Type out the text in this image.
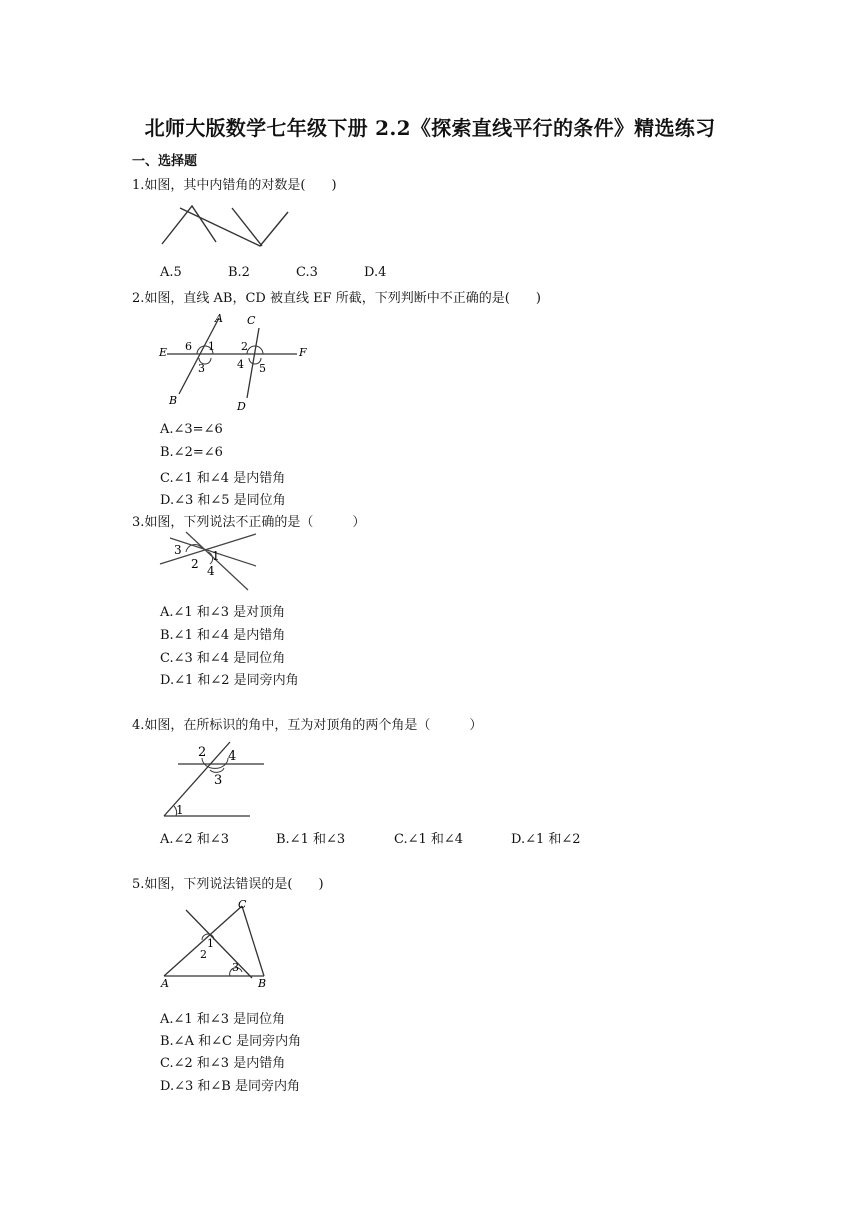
北师大版数学七年级下册 2.2《探索直线平行的条件》精选练习
一、选择题
1.如图，其中内错角的对数是(　　)
A.5	B.2	C.3	D.4
2.如图，直线 AB，CD 被直线 EF 所截，下列判断中不正确的是(　　)
A C
E	F
B	D
6 1 2
3	4 5
A.∠3=∠6
B.∠2=∠6
C.∠1 和∠4 是内错角
D.∠3 和∠5 是同位角
3.如图，下列说法不正确的是（　　　）
3	1
2 4
A.∠1 和∠3 是对顶角
B.∠1 和∠4 是内错角
C.∠3 和∠4 是同位角
D.∠1 和∠2 是同旁内角
4.如图，在所标识的角中，互为对顶角的两个角是（　　　）
2 4
3
1
A.∠2 和∠3	B.∠1 和∠3	C.∠1 和∠4	D.∠1 和∠2
5.如图，下列说法错误的是(　　)
C
1
2
3
A	B
A.∠1 和∠3 是同位角
B.∠A 和∠C 是同旁内角
C.∠2 和∠3 是内错角
D.∠3 和∠B 是同旁内角
